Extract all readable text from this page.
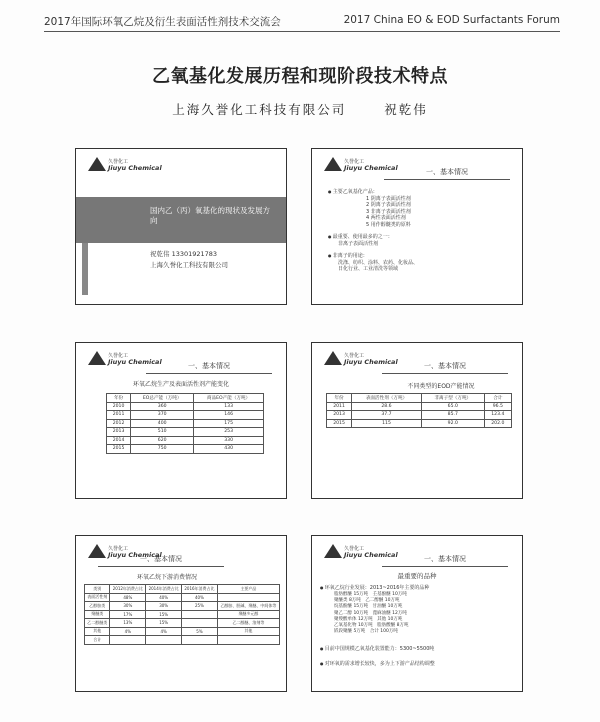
2017年国际环氧乙烷及衍生表面活性剂技术交流会	2017 China EO & EOD Surfactants Forum
乙氧基化发展历程和现阶段技术特点
上海久誉化工科技有限公司	祝乾伟
久誉化工
Jiuyu Chemical
国内乙（丙）氧基化的现状及发展方向
祝乾伟 13301921783
上海久誉化工科技有限公司
久誉化工
Jiuyu Chemical	一、基本情况
● 主要乙氧基化产品：
1 阴离子表面活性剂
2 阴离子表面活性剂
3 非离子表面活性剂
4 两性表面活性剂
5 用作醇醚类的原料
● 最重要、使用最多的之一：
非离子表面活性剂
● 非离子的用途：
洗涤、纺织、涂料、农药、化妆品、
日化行业、工业清洗等领域
久誉化工
Jiuyu Chemical	一、基本情况
环氧乙烷生产及表面活性剂产能变化
年份	EO总产能（万吨）	商品EO产能（万吨）
2010	360	133
2011	370	146
2012	400	175
2013	510	253
2014	620	330
2015	750	430
久誉化工
Jiuyu Chemical	一、基本情况
不同类型的EOD产能情况
年份	表面活性剂（万吨）	非离子型（万吨）	合计
2011	28.6	65.0	96.5
2013	37.7	85.7	123.4
2015	115	92.0	202.0
久誉化工
Jiuyu Chemical
一、基本情况
环氧乙烷下游消费情况
类别	2012年消费占比	2014年消费占比	2016年消费占比	主要产品
表面活性剂	48%	40%	40%	
乙醇胺类	30%	30%	25%	乙醇胺、胆碱、聚醚、中间体等
聚醚类	17%	15%		聚醚多元醇
乙二醇醚类	13%	15%		乙二醇醚、溶剂等
其他	4%	4%	5%	其他
合计				
久誉化工
Jiuyu Chemical	一、基本情况
最重要的品种
● 环氧乙烷行业发展：2013~2016年主要的品种
脂肪醇醚 15万吨　 壬基酚醚 10万吨
聚醚类 8万吨　 乙二醇醚 10万吨
烷基酚醚 15万吨　 甘油醚 10万吨
聚乙二醇 10万吨　 蓖麻油醚 12万吨
聚羧酸单体 12万吨　 其他 10万吨
乙氧基化物 10万吨　 脂肪酸醚 8万吨
嵌段聚醚 5万吨　 合计 100万吨
● 目前中国规模乙氧基化装置能力：5300~5500吨
● 对环氧的需求增长较快，多为上下游产品结构调整
